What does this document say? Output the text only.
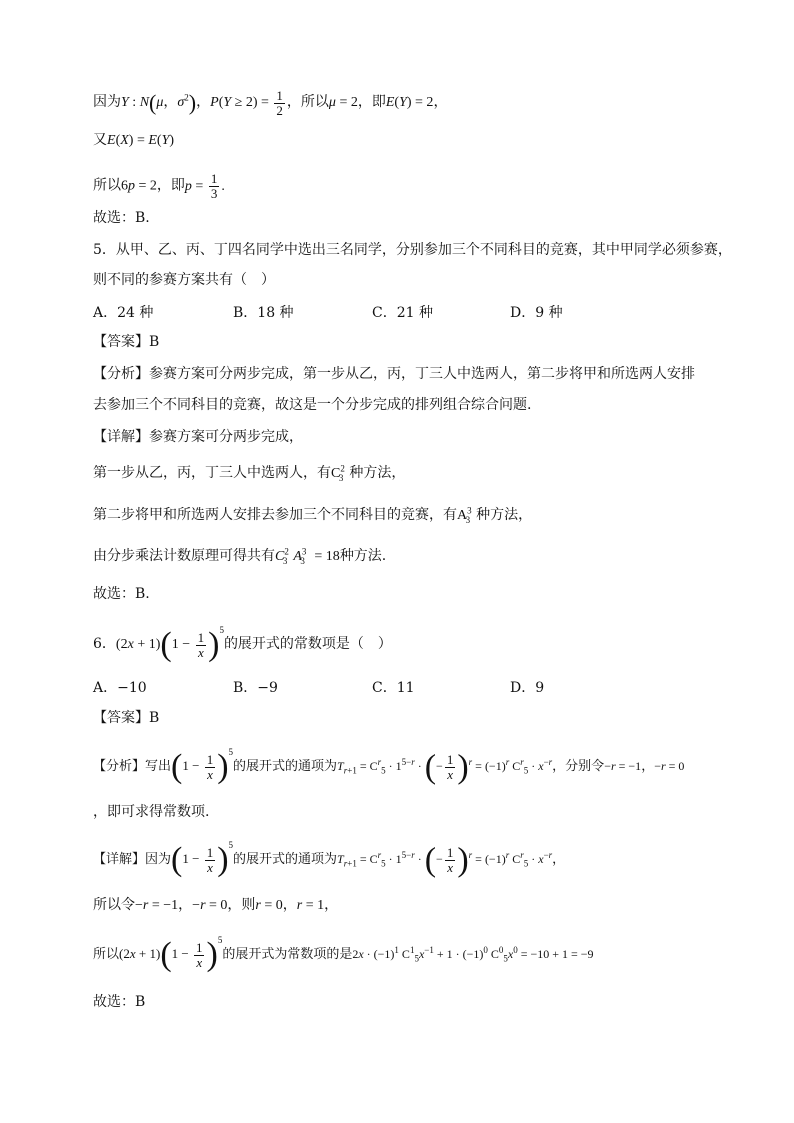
因为Y : N(μ，$\sigma^2$)，$P(Y \ge 2) = \frac{1}{2}$ ，所以μ = 2，即E(Y) = 2，
又E(X) = E(Y)
所以6p = 2，即$p = \frac{1}{3}$ .
故选：B.
5．从甲、乙、丙、丁四名同学中选出三名同学，分别参加三个不同科目的竞赛，其中甲同学必须参赛，
则不同的参赛方案共有（　）
A．24 种	B．18 种	C．21 种	D．9 种
【答案】B
【分析】参赛方案可分两步完成，第一步从乙，丙，丁三人中选两人，第二步将甲和所选两人安排
去参加三个不同科目的竞赛，故这是一个分步完成的排列组合综合问题.
【详解】参赛方案可分两步完成，
第一步从乙，丙，丁三人中选两人，有$C^2_3$ 种方法，
第二步将甲和所选两人安排去参加三个不同科目的竞赛，有$A^3_3$ 种方法，
由分步乘法计数原理可得共有$C^2_3$ $A^3_3 = 18$种方法.
故选：B.
6．$(2x + 1)(1 - \frac{1}{x} )^5$的展开式的常数项是（　）
A．−10	B．−9	C．11	D．9
【答案】B
【分析】写出$(1 - \frac{1}{x} )^5$的展开式的通项为$T_{r+1} = C^r_5 \cdot 1^{5-r}$ · (− $\frac{1}{x} )^r = (-1)^r$ $C^r_5 \cdot x^{-r}$，分别令−r = −1，−r = 0
，即可求得常数项.
【详解】因为$(1 - \frac{1}{x} )^5$的展开式的通项为$T_{r+1} = C^r_5 \cdot 1^{5-r}$ · (− $\frac{1}{x} )^r = (-1)^r$ $C^r_5 \cdot x^{-r}$，
所以令−r = −1，−r = 0，则r = 0，r = 1，
所以$(2x + 1)(1 - \frac{1}{x} )^5$的展开式为常数项的是$2x \cdot (-1)^1$ $C^1_5x^{-1} + 1 \cdot (-1)^0$ $C^0_5x^0 = -10 + 1 = -9$
故选：B
